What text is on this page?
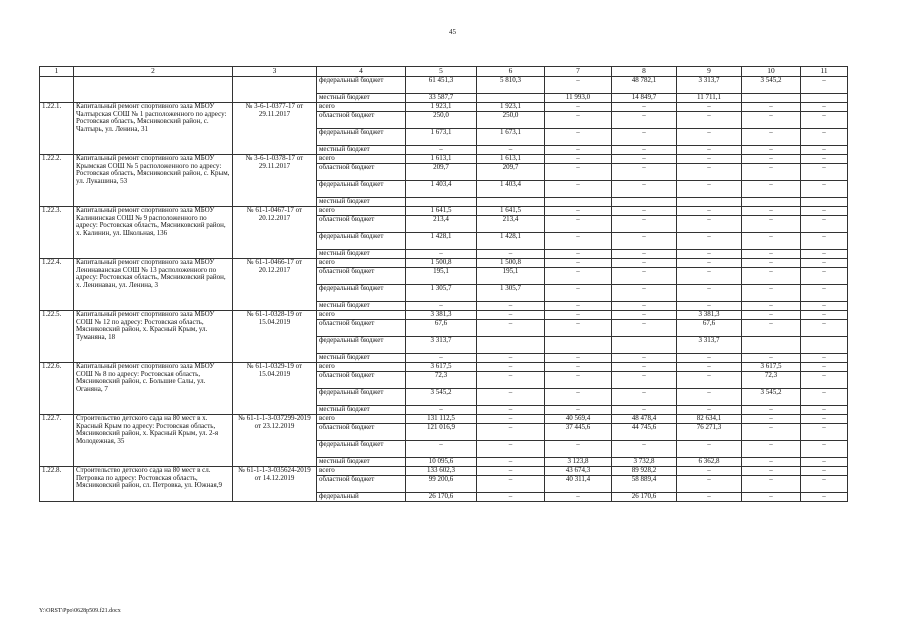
45
1	2	3	4	5	6	7	8	9	10	11
			федеральный бюджет	61 451,3	5 810,3	–	48 782,1	3 313,7	3 545,2	–
			местный бюджет	33 587,7		11 993,0	14 849,7	11 711,1		
1.22.1.	Капитальный ремонт спортивного зала МБОУ Чалтырская СОШ № 1 расположенного по адресу: Ростовская область, Мясниковский район, с. Чалтырь, ул. Ленина, 31	№ 3-6-1-0377-17 от 29.11.2017	всего	1 923,1	1 923,1	–	–	–	–	–
			областной бюджет	250,0	250,0	–	–	–	–	–
			федеральный бюджет	1 673,1	1 673,1	–	–	–	–	–
			местный бюджет	–	–	–	–	–	–	–
1.22.2.	Капитальный ремонт спортивного зала МБОУ Крымская СОШ № 5 расположенного по адресу: Ростовская область, Мясниковский район, с. Крым, ул. Лукашина, 53	№ 3-6-1-0378-17 от 29.11.2017	всего	1 613,1	1 613,1	–	–	–	–	–
			областной бюджет	209,7	209,7	–	–	–	–	–
			федеральный бюджет	1 403,4	1 403,4	–	–	–	–	–
			местный бюджет							
1.22.3.	Капитальный ремонт спортивного зала МБОУ Калининская СОШ № 9 расположенного по адресу: Ростовская область, Мясниковский район, х. Калинин, ул. Школьная, 136	№ 61-1-0467-17 от 20.12.2017	всего	1 641,5	1 641,5	–	–	–	–	–
			областной бюджет	213,4	213,4	–	–	–	–	–
			федеральный бюджет	1 428,1	1 428,1	–	–	–	–	–
			местный бюджет	–	–	–	–	–	–	–
1.22.4.	Капитальный ремонт спортивного зала МБОУ Ленинаванская СОШ № 13 расположенного по адресу: Ростовская область, Мясниковский район, х. Ленинаван, ул. Ленина, 3	№ 61-1-0466-17 от 20.12.2017	всего	1 500,8	1 500,8	–	–	–	–	–
			областной бюджет	195,1	195,1	–	–	–	–	–
			федеральный бюджет	1 305,7	1 305,7	–	–	–	–	–
			местный бюджет	–	–	–	–	–	–	–
1.22.5.	Капитальный ремонт спортивного зала МБОУ СОШ № 12 по адресу: Ростовская область, Мясниковский район, х. Красный Крым, ул. Туманяна, 18	№ 61-1-0328-19 от 15.04.2019	всего	3 381,3	–	–	–	3 381,3	–	–
			областной бюджет	67,6	–	–	–	67,6	–	–
			федеральный бюджет	3 313,7				3 313,7		
			местный бюджет	–	–	–	–	–	–	–
1.22.6.	Капитальный ремонт спортивного зала МБОУ СОШ № 8 по адресу: Ростовская область, Мясниковский район, с. Большие Салы, ул. Оганяна, 7	№ 61-1-0329-19 от 15.04.2019	всего	3 617,5	–	–	–	–	3 617,5	–
			областной бюджет	72,3	–	–	–	–	72,3	–
			федеральный бюджет	3 545,2	–	–	–	–	3 545,2	–
			местный бюджет	–	–	–	–	–	–	–
1.22.7.	Строительство детского сада на 80 мест в х. Красный Крым по адресу: Ростовская область, Мясниковский район, х. Красный Крым, ул. 2-я Молодежная, 35	№ 61-1-1-3-037299-2019 от 23.12.2019	всего	131 112,5	–	40 569,4	48 478,4	82 634,1	–	–
			областной бюджет	121 016,9	–	37 445,6	44 745,6	76 271,3	–	–
			федеральный бюджет	–	–	–	–	–	–	–
			местный бюджет	10 095,6	–	3 123,8	3 732,8	6 362,8	–	–
1.22.8.	Строительство детского сада на 80 мест в сл. Петровка по адресу: Ростовская область, Мясниковский район, сл. Петровка, ул. Южная,9	№ 61-1-1-3-035624-2019 от 14.12.2019	всего	133 602,3	–	43 674,3	89 928,2	–	–	–
			областной бюджет	99 200,6	–	40 311,4	58 889,4	–	–	–
			федеральный	26 170,6	–	–	26 170,6	–	–	–
Y:\ORST\Ppo\0628p509.f21.docx
